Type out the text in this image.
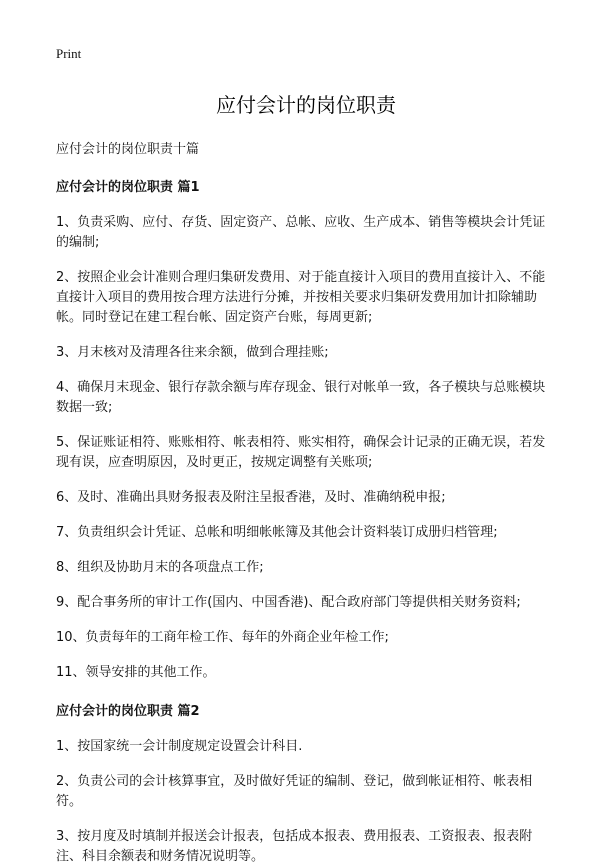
Print

应付会计的岗位职责

应付会计的岗位职责十篇

应付会计的岗位职责 篇1

1、负责采购、应付、存货、固定资产、总帐、应收、生产成本、销售等模块会计凭证的编制;

2、按照企业会计准则合理归集研发费用、对于能直接计入项目的费用直接计入、不能直接计入项目的费用按合理方法进行分摊，并按相关要求归集研发费用加计扣除辅助帐。同时登记在建工程台帐、固定资产台账，每周更新;

3、月末核对及清理各往来余额，做到合理挂账;

4、确保月末现金、银行存款余额与库存现金、银行对帐单一致，各子模块与总账模块数据一致;

5、保证账证相符、账账相符、帐表相符、账实相符，确保会计记录的正确无误，若发现有误，应查明原因，及时更正，按规定调整有关账项;

6、及时、准确出具财务报表及附注呈报香港，及时、准确纳税申报;

7、负责组织会计凭证、总帐和明细帐帐簿及其他会计资料装订成册归档管理;

8、组织及协助月末的各项盘点工作;

9、配合事务所的审计工作(国内、中国香港)、配合政府部门等提供相关财务资料;

10、负责每年的工商年检工作、每年的外商企业年检工作;

11、领导安排的其他工作。

应付会计的岗位职责 篇2

1、按国家统一会计制度规定设置会计科目.

2、负责公司的会计核算事宜，及时做好凭证的编制、登记，做到帐证相符、帐表相符。

3、按月度及时填制并报送会计报表，包括成本报表、费用报表、工资报表、报表附注、科目余额表和财务情况说明等。
